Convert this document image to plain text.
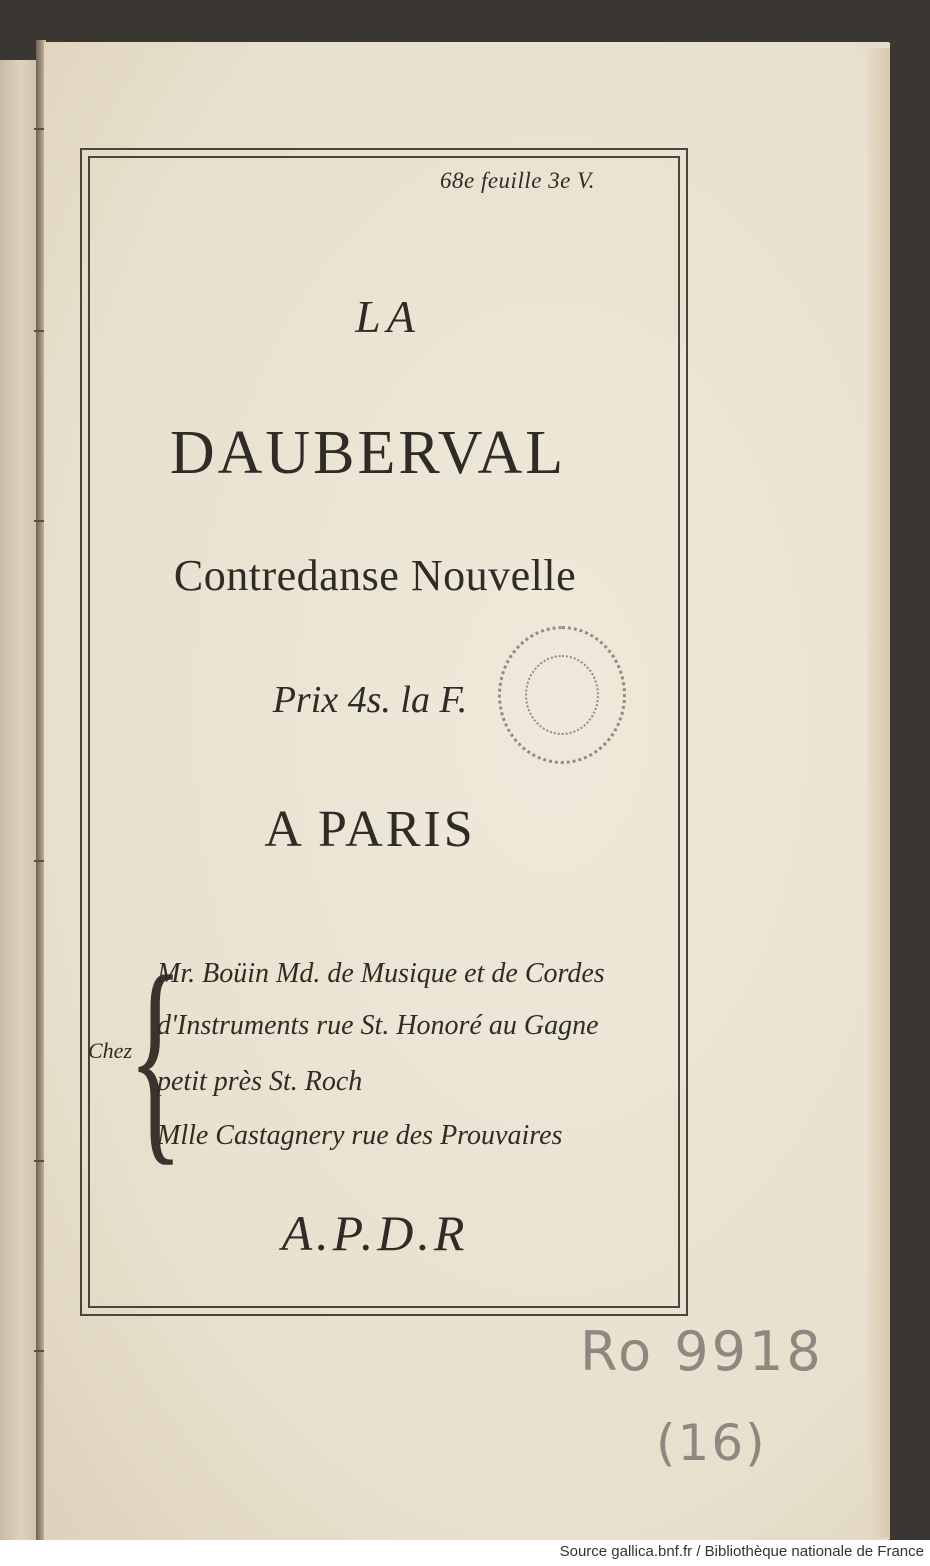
68e feuille 3e V.
LA
DAUBERVAL
Contredanse Nouvelle
Prix 4s. la F.
A PARIS
Chez
{
Mr. Boüin Md. de Musique et de Cordes
d'Instruments rue St. Honoré au Gagne
petit près St. Roch
Mlle Castagnery rue des Prouvaires
A.P.D.R
Ro 9918
(16)
Source gallica.bnf.fr / Bibliothèque nationale de France
